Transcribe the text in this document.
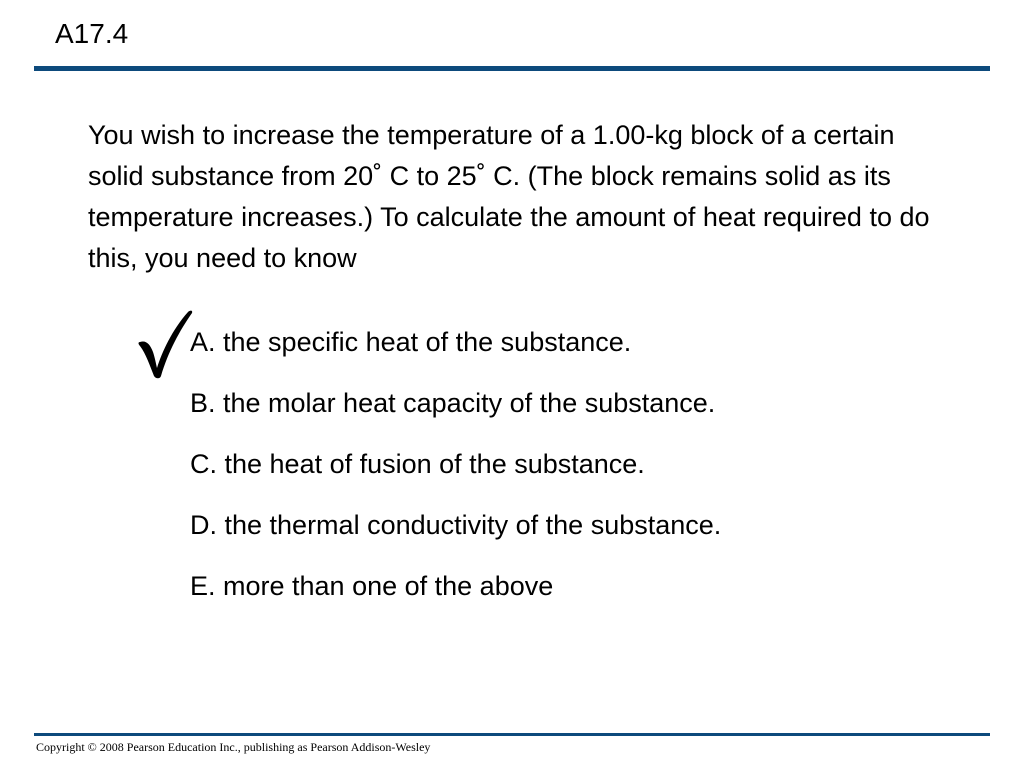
A17.4

You wish to increase the temperature of a 1.00-kg block of a certain solid substance from 20˚ C to 25˚ C. (The block remains solid as its temperature increases.) To calculate the amount of heat required to do this, you need to know

A. the specific heat of the substance.
B. the molar heat capacity of the substance.
C. the heat of fusion of the substance.
D. the thermal conductivity of the substance.
E. more than one of the above

Copyright © 2008 Pearson Education Inc., publishing as Pearson Addison-Wesley
